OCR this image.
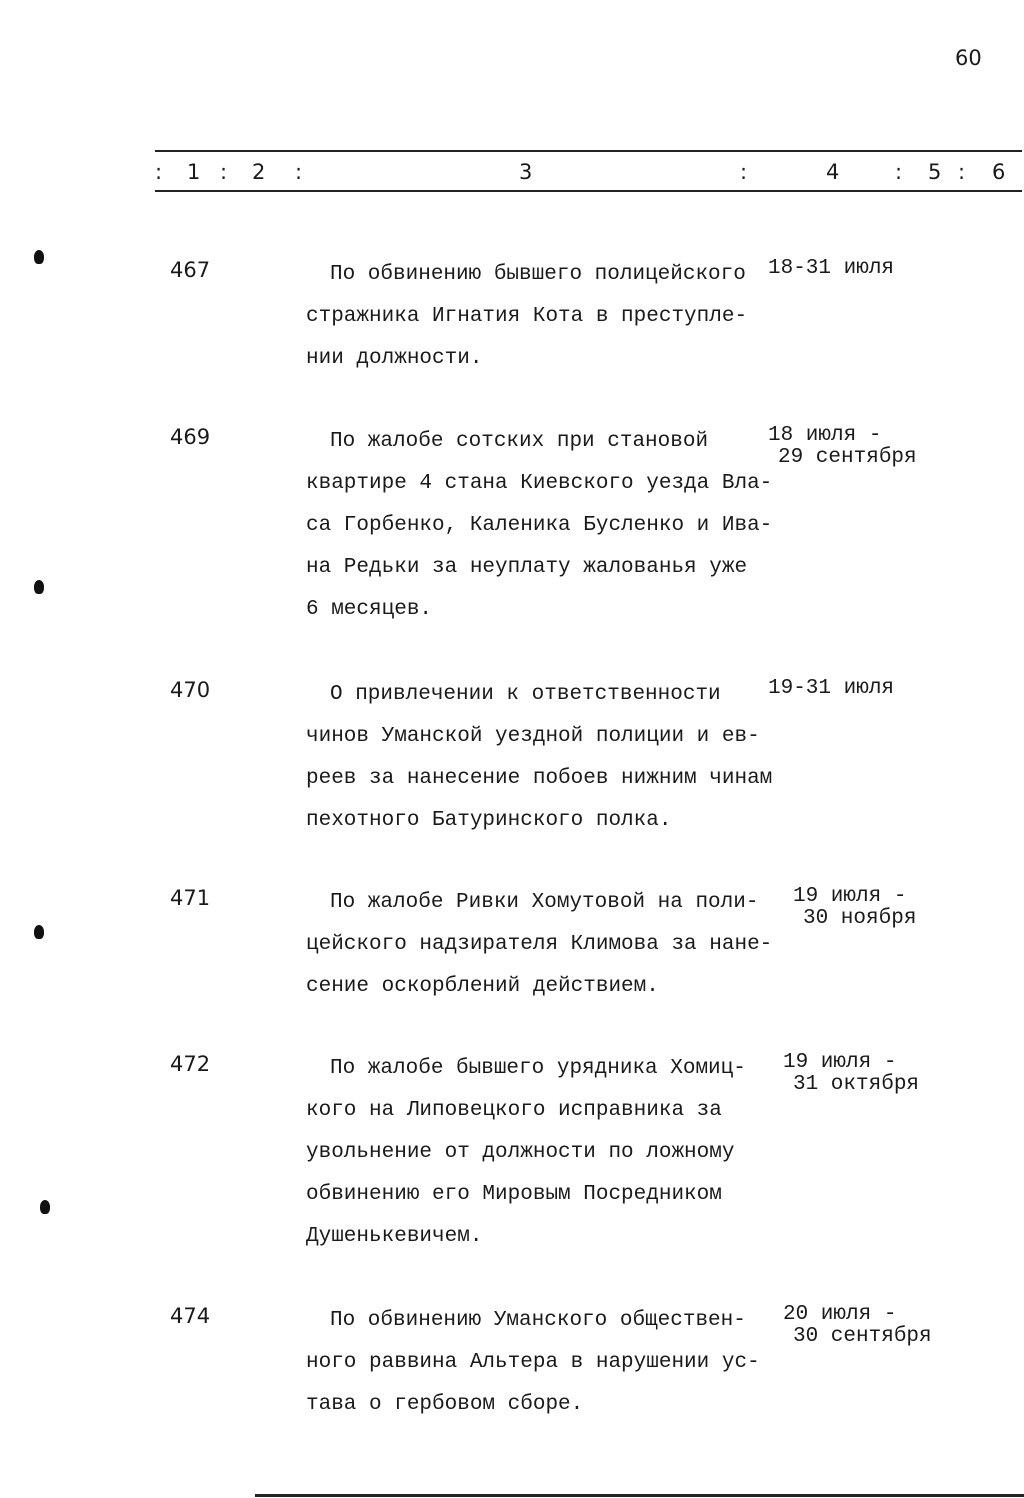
60
: 1 : 2 :	3	:	4	: 5 : 6
467	По обвинению бывшего полицейского
стражника Игнатия Кота в преступле-
нии должности.
18-31 июля
469	По жалобе сотских при становой
квартире 4 стана Киевского уезда Вла-
са Горбенко, Каленика Бусленко и Ива-
на Редьки за неуплату жалованья уже
6 месяцев.
18 июля -
29 сентября
470	О привлечении к ответственности
чинов Уманской уездной полиции и ев-
реев за нанесение побоев нижним чинам
пехотного Батуринского полка.
19-31 июля
471	По жалобе Ривки Хомутовой на поли-
цейского надзирателя Климова за нане-
сение оскорблений действием.
19 июля -
30 ноября
472	По жалобе бывшего урядника Хомиц-
кого на Липовецкого исправника за
увольнение от должности по ложному
обвинению его Мировым Посредником
Душенькевичем.
19 июля -
31 октября
474	По обвинению Уманского обществен-
ного раввина Альтера в нарушении ус-
тава о гербовом сборе.
20 июля -
30 сентября
